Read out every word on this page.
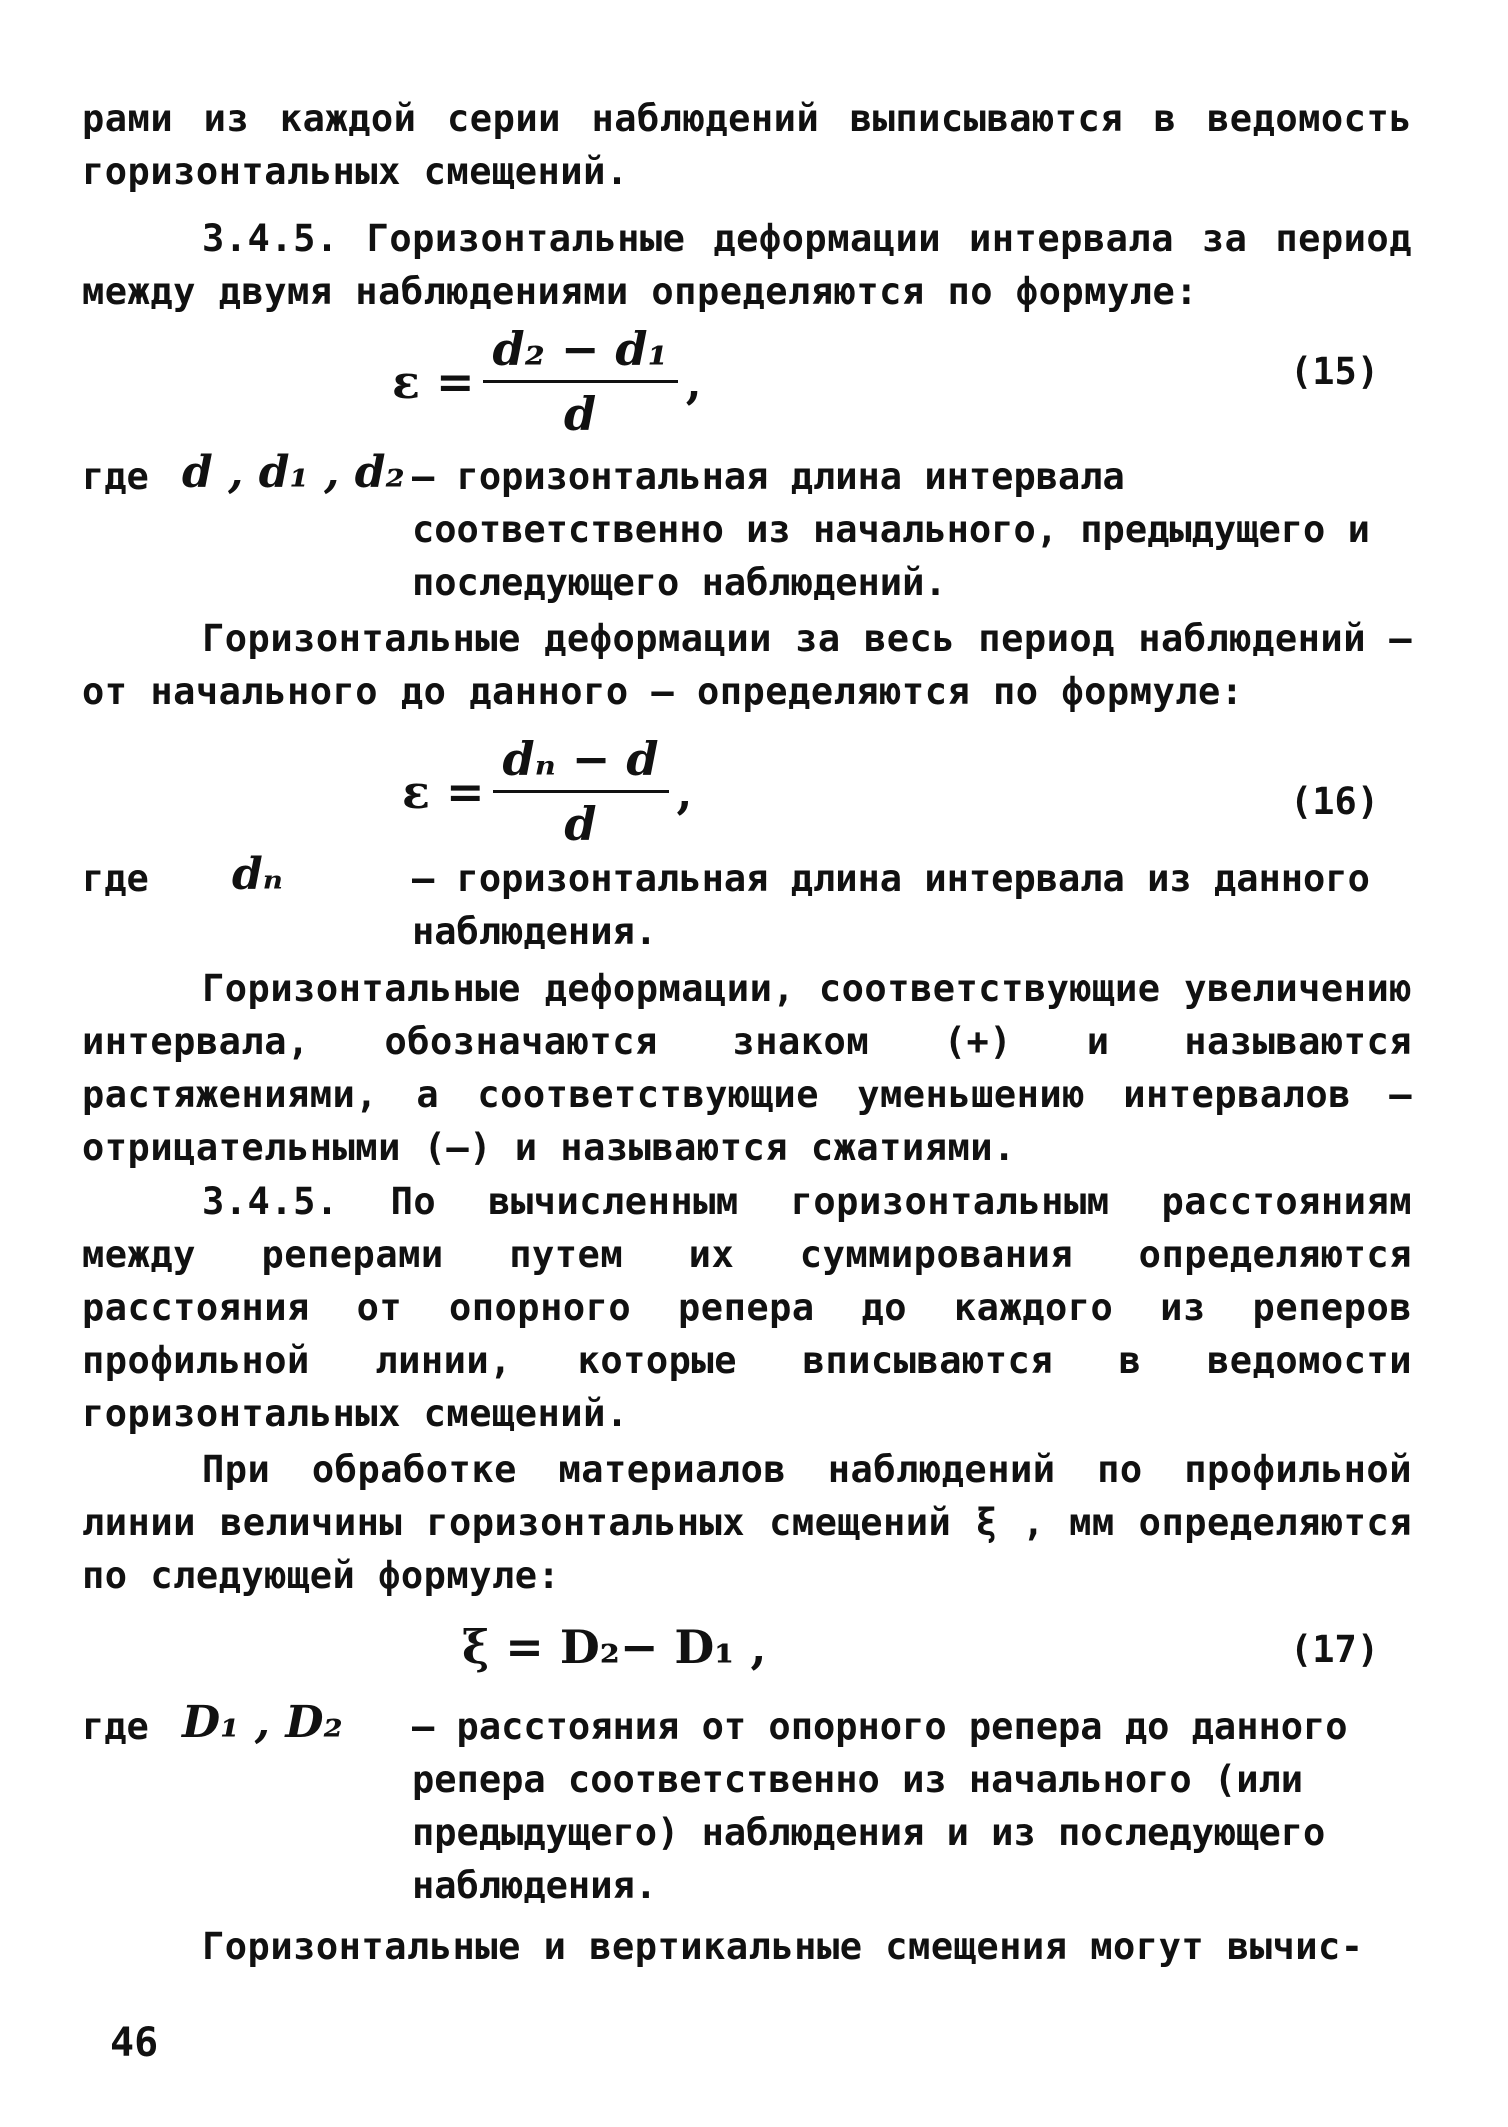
рами из каждой серии наблюдений выписываются в ведомость горизонтальных смещений.

3.4.5. Горизонтальные деформации интервала за период между двумя наблюдениями определяются по формуле:

$\varepsilon = \frac{\text{d₂ − d₁}}{d}$ ,	(15)
где d , d₁ , d₂ – горизонтальная длина интервала соответственно из начального, предыдущего и последующего наблюдений.

Горизонтальные деформации за весь период наблюдений – от начального до данного – определяются по формуле:

$\varepsilon = \frac{\text{dₙ − d}}{d}$ ,	(16)
где dₙ	– горизонтальная длина интервала из данного наблюдения.

Горизонтальные деформации, соответствующие увеличению интервала, обозначаются знаком (+) и называются растяжениями, а соответствующие уменьшению интервалов – отрицательными (–) и называются сжатиями.

3.4.5. По вычисленным горизонтальным расстояниям между реперами путем их суммирования определяются расстояния от опорного репера до каждого из реперов профильной линии, которые вписываются в ведомости горизонтальных смещений.

При обработке материалов наблюдений по профильной линии величины горизонтальных смещений ξ , мм определяются по следующей формуле:

ξ = D₂− D₁ ,	(17)
где D₁ , D₂ – расстояния от опорного репера до данного репера соответственно из начального (или предыдущего) наблюдения и из последующего наблюдения.

Горизонтальные и вертикальные смещения могут вычис-

46
